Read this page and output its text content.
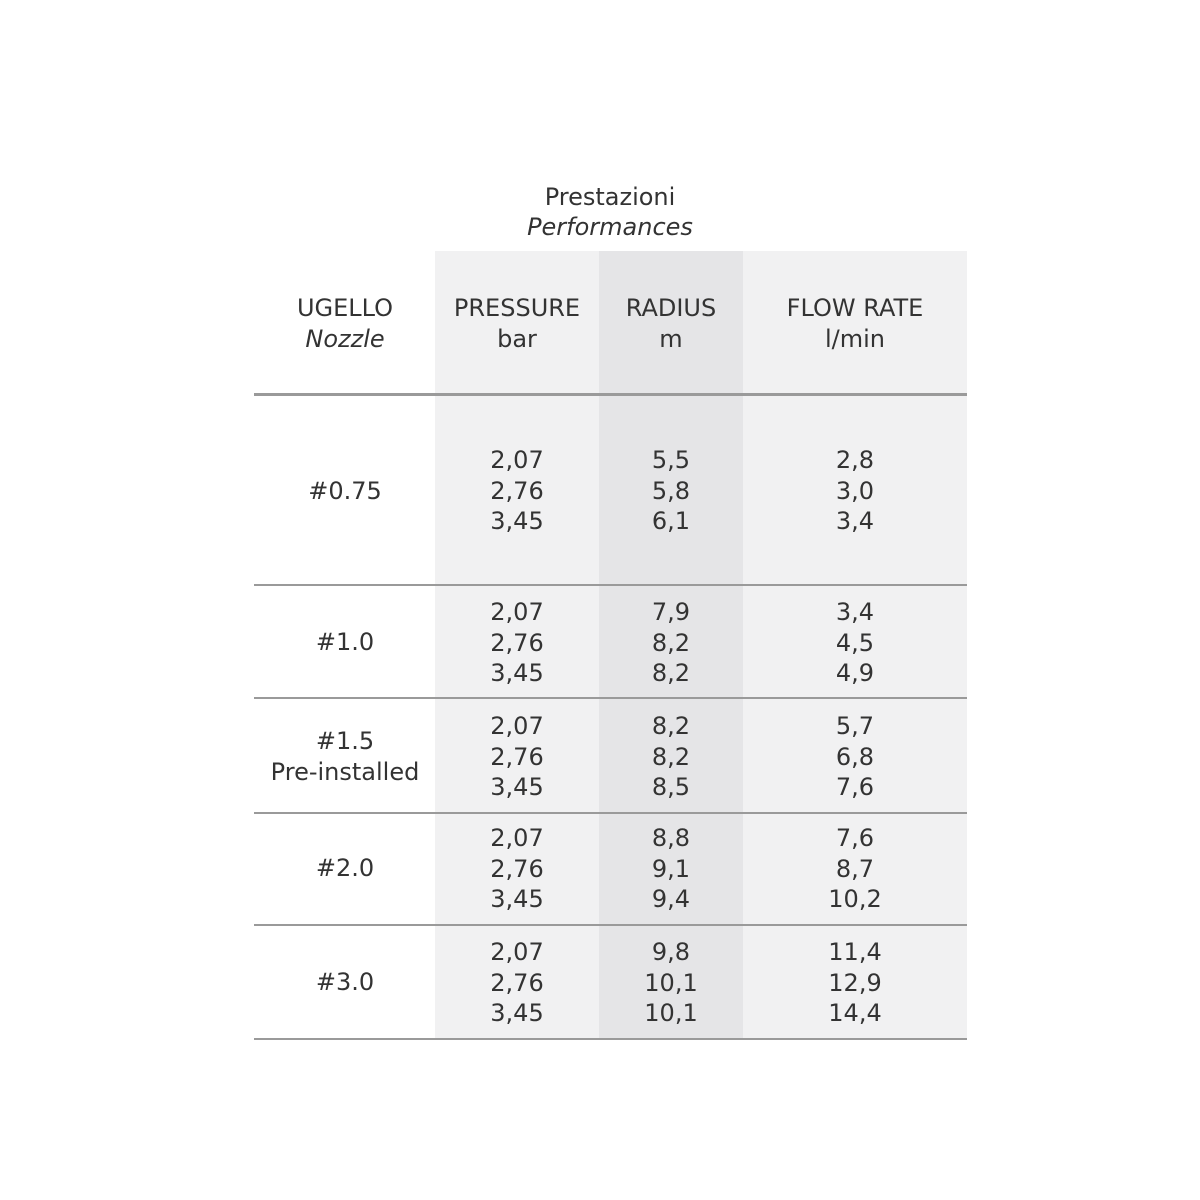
Prestazioni
Performances
UGELLO
Nozzle
PRESSURE
bar
RADIUS
m
FLOW RATE
l/min
#0.75
2,07
2,76
3,45
5,5
5,8
6,1
2,8
3,0
3,4
#1.0
2,07
2,76
3,45
7,9
8,2
8,2
3,4
4,5
4,9
#1.5
Pre-installed
2,07
2,76
3,45
8,2
8,2
8,5
5,7
6,8
7,6
#2.0
2,07
2,76
3,45
8,8
9,1
9,4
7,6
8,7
10,2
#3.0
2,07
2,76
3,45
9,8
10,1
10,1
11,4
12,9
14,4
